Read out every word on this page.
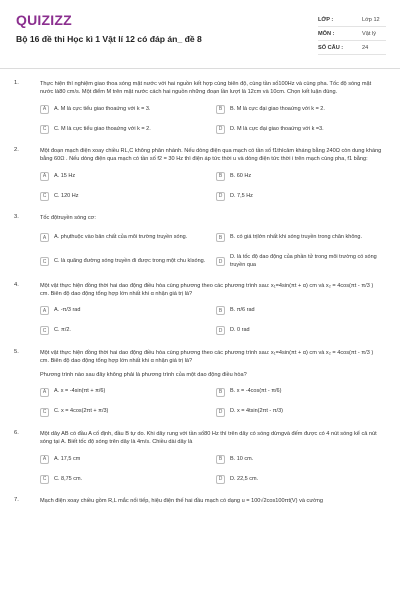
QUIZIZZ
Bộ 16 đề thi Học kì 1 Vật lí 12 có đáp án_ đề 8
LỚP :	Lớp 12
MÔN :	Vật lý
SỐ CÂU :	24
1.	Thực hiện thí nghiệm giao thoa sóng mặt nước với hai nguồn kết hợp cùng biên độ, cùng tần số100Hz và cùng pha. Tốc độ sóng mặt nước là80 cm/s. Một điểm M trên mặt nước cách hai nguồn những đoạn lần lượt là 12cm và 10cm. Chọn kết luận đúng.

A	A. M là cực tiểu giao thoaứng với k = 3.	B	B. M là cực đại giao thoaứng với k = 2.
C	C. M là cực tiểu giao thoaứng với k = 2.	D	D. M là cực đại giao thoaứng với k =3.
2.	Một đoạn mạch điện xoay chiều RL,C không phân nhánh. Nếu dòng điện qua mạch có tần số f1thìcảm kháng bằng 240Ω còn dung kháng bằng 60Ω . Nếu dòng điện qua mạch có tần số f2 = 30 Hz thì điện áp tức thời u và dòng điện tức thời i trên mạch cùng pha, f1 bằng:

A	A. 15 Hz	B	B. 60 Hz
C	C. 120 Hz	D	D. 7,5 Hz
3.	Tốc độtruyền sóng cơ:

A	A. phụthuộc vào bản chất của môi trường truyền sóng.	B	B. có giá trịlớn nhất khi sóng truyền trong chân không.
C	C. là quãng đường sóng truyền đi được trong một chu kìsóng.	D
D. là tốc độ dao động của phần tử trong môi trường có sóng truyền qua
4.	Một vật thực hiện đồng thời hai dao động điều hòa cùng phương theo các phương trình sau: x₁=4sin(πt + α) cm và x₂ = 4cos(πt - π/3 ) cm. Biên độ dao động tổng hợp lớn nhất khi α nhận giá trị là?

A	A. -π/3 rad	B	B. π/6 rad
C	C. π/2.	D	D. 0 rad
5.	Một vật thực hiện đồng thời hai dao động điều hòa cùng phương theo các phương trình sau: x₁=4sin(πt + α) cm và x₂ = 4cos(πt - π/3 ) cm. Biên độ dao động tổng hợp lớn nhất khi α nhận giá trị là?

Phương trình nào sau đây không phải là phương trình của một dao động điều hòa?

A	A. x = -4sin(πt + π/6)	B	B. x = -4cos(πt - π/6)
C	C. x = 4cos(2πt + π/3)	D	D. x = 4tsin(2πt - π/3)
6.	Một dây AB có đầu A cố định, đầu B tự do. Khi dây rung với tần số80 Hz thì trên dây có sóng dừngvà đếm được có 4 nút sóng kể cả nút sóng tại A. Biết tốc độ sóng trên dây là 4m/s. Chiều dài dây là

A	A. 17,5 cm	B	B. 10 cm.
C	C. 8,75 cm.	D	D. 22,5 cm.
7.	Mạch điện xoay chiều gồm R,L mắc nối tiếp, hiệu điện thế hai đầu mạch có dạng u = 100√2cos100πt(V) và cường
